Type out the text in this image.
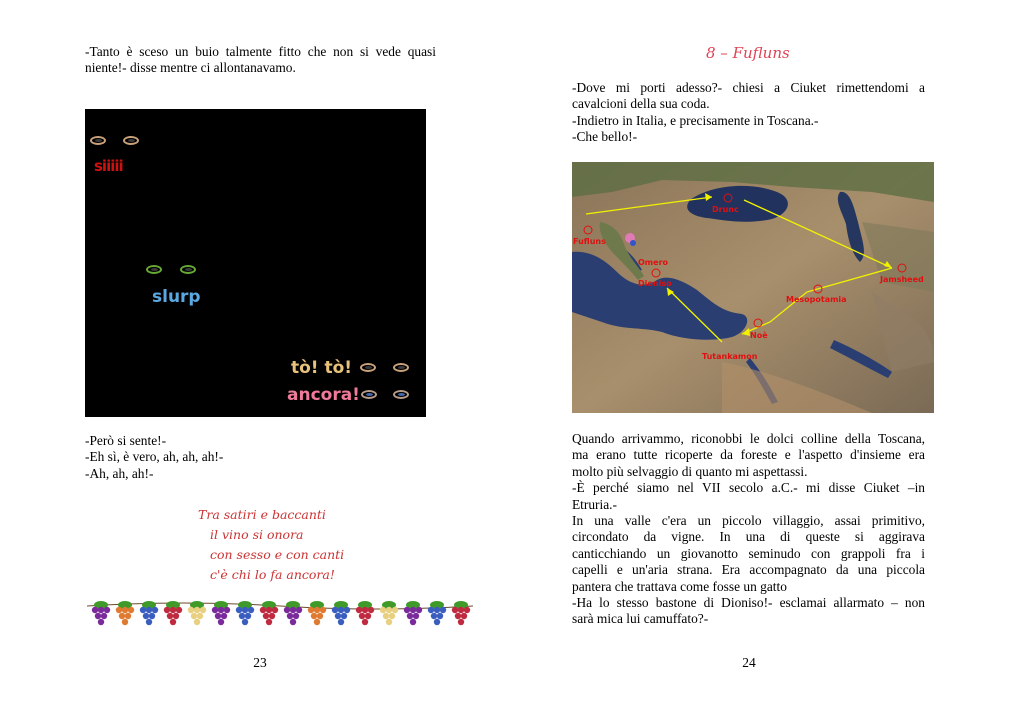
-Tanto è sceso un buio talmente fitto che non si vede quasi
niente!- disse mentre ci allontanavamo.
siiiii
slurp
tò! tò!
ancora!
-Però si sente!-
-Eh sì, è vero, ah, ah, ah!-
-Ah, ah, ah!-
Tra satiri e baccanti
il vino si onora
con sesso e con canti
c'è chi lo fa ancora!
23
8 – Fufluns
-Dove mi porti adesso?- chiesi a Ciuket rimettendomi a
cavalcioni della sua coda.
-Indietro in Italia, e precisamente in Toscana.-
-Che bello!-
Fufluns
Drunc
Omero
Dioniso	Jamsheed
Mesopotamia
Noè
Tutankamon
Quando arrivammo, riconobbi le dolci colline della Toscana,
ma erano tutte ricoperte da foreste e l'aspetto d'insieme era
molto più selvaggio di quanto mi aspettassi.
-È perché siamo nel VII secolo a.C.- mi disse Ciuket –in
Etruria.-
In una valle c'era un piccolo villaggio, assai primitivo,
circondato da vigne. In una di queste si aggirava
canticchiando un giovanotto seminudo con grappoli fra i
capelli e un'aria strana. Era accompagnato da una piccola
pantera che trattava come fosse un gatto
-Ha lo stesso bastone di Dioniso!- esclamai allarmato – non
sarà mica lui camuffato?-
24
